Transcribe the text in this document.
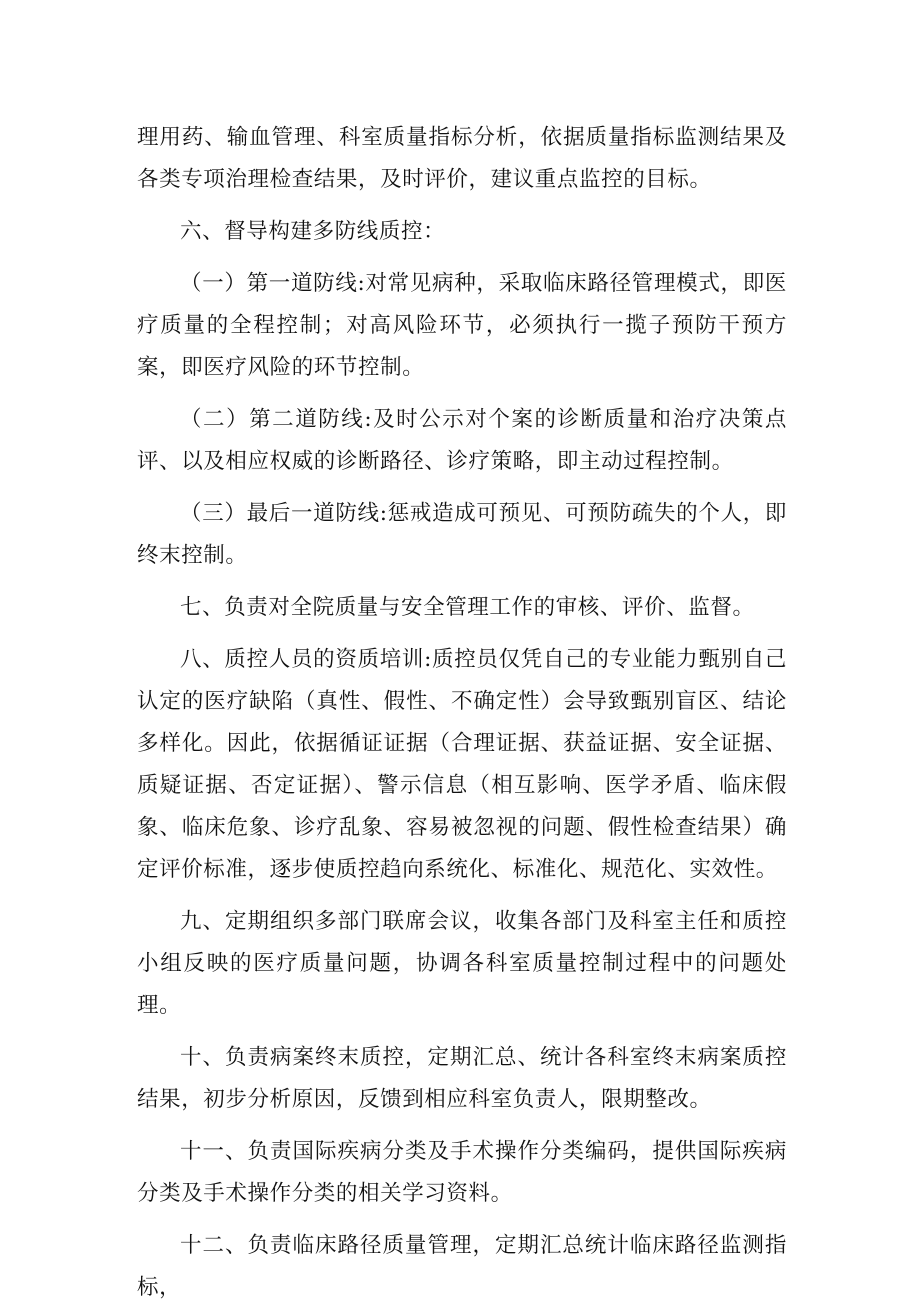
理用药、输血管理、科室质量指标分析，依据质量指标监测结果及各类专项治理检查结果，及时评价，建议重点监控的目标。

六、督导构建多防线质控：

（一）第一道防线:对常见病种，采取临床路径管理模式，即医疗质量的全程控制；对高风险环节，必须执行一揽子预防干预方案，即医疗风险的环节控制。

（二）第二道防线:及时公示对个案的诊断质量和治疗决策点评、以及相应权威的诊断路径、诊疗策略，即主动过程控制。

（三）最后一道防线:惩戒造成可预见、可预防疏失的个人，即终末控制。

七、负责对全院质量与安全管理工作的审核、评价、监督。

八、质控人员的资质培训:质控员仅凭自己的专业能力甄别自己认定的医疗缺陷（真性、假性、不确定性）会导致甄别盲区、结论多样化。因此，依据循证证据（合理证据、获益证据、安全证据、质疑证据、否定证据）、警示信息（相互影响、医学矛盾、临床假象、临床危象、诊疗乱象、容易被忽视的问题、假性检查结果）确定评价标准，逐步使质控趋向系统化、标准化、规范化、实效性。

九、定期组织多部门联席会议，收集各部门及科室主任和质控小组反映的医疗质量问题，协调各科室质量控制过程中的问题处理。

十、负责病案终末质控，定期汇总、统计各科室终末病案质控结果，初步分析原因，反馈到相应科室负责人，限期整改。

十一、负责国际疾病分类及手术操作分类编码，提供国际疾病分类及手术操作分类的相关学习资料。

十二、负责临床路径质量管理，定期汇总统计临床路径监测指标，
